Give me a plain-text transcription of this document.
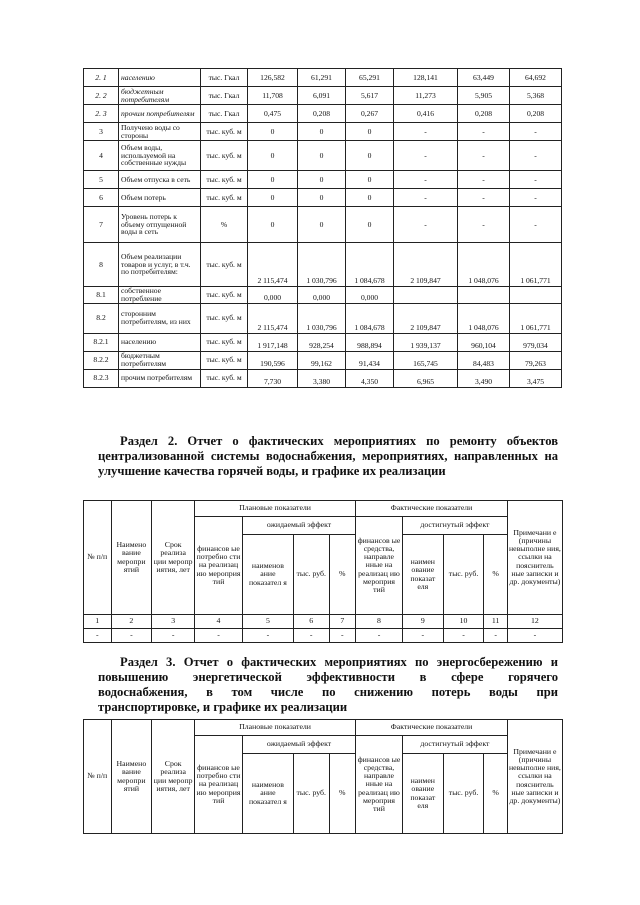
2. 1	населению	тыс. Гкал	126,582	61,291	65,291	128,141	63,449	64,692
2. 2	бюджетным потребителям	тыс. Гкал	11,708	6,091	5,617	11,273	5,905	5,368
2. 3	прочим потребителям	тыс. Гкал	0,475	0,208	0,267	0,416	0,208	0,208
3	Получено воды со стороны	тыс. куб. м	0	0	0	-	-	-
4	Объем воды, используемой на собственные нужды	тыс. куб. м	0	0	0	-	-	-
5	Объем отпуска в сеть	тыс. куб. м	0	0	0	-	-	-
6	Объем потерь	тыс. куб. м	0	0	0	-	-	-
7	Уровень потерь к объему отпущенной воды в сеть	%	0	0	0	-	-	-
8	Объем реализации товаров и услуг, в т.ч. по потребителям:	тыс. куб. м	2 115,474	1 030,796	1 084,678	2 109,847	1 048,076	1 061,771
8.1	собственное потребление	тыс. куб. м	0,000	0,000	0,000			
8.2	сторонним потребителям, из них	тыс. куб. м	2 115,474	1 030,796	1 084,678	2 109,847	1 048,076	1 061,771
8.2.1	населению	тыс. куб. м	1 917,148	928,254	988,894	1 939,137	960,104	979,034
8.2.2	бюджетным потребителям	тыс. куб. м	190,596	99,162	91,434	165,745	84,483	79,263
8.2.3	прочим потребителям	тыс. куб. м	7,730	3,380	4,350	6,965	3,490	3,475
Раздел 2. Отчет о фактических мероприятиях по ремонту объектов централизованной системы водоснабжения, мероприятиях, направленных на улучшение качества горячей воды, и графике их реализации
№ п/п	Наимено вание меропри ятий	Срок реализа ции меропр иятия, лет	Плановые показатели				Фактические показатели				Примечани е (причины невыполне ния, ссылки на пояснитель ные записки и др. документы)
			финансов ые потребно сти на реализац ию мероприя тий	ожидаемый эффект			финансов ые средства, направле нные на реализац ию мероприя тий	достигнутый эффект			
				наименов ание показател я	тыс. руб.	%		наимен ование показат еля	тыс. руб.	%	
1	2	3	4	5	6	7	8	9	10	11	12
-	-	-	-	-	-	-	-	-	-	-	-
Раздел 3. Отчет о фактических мероприятиях по энергосбережению и
повышению энергетической эффективности в сфере горячего
водоснабжения, в том числе по снижению потерь воды при
транспортировке, и графике их реализации
№ п/п	Наимено вание меропри ятий	Срок реализа ции меропр иятия, лет	Плановые показатели				Фактические показатели				Примечани е (причины невыполне ния, ссылки на пояснитель ные записки и др. документы)
			финансов ые потребно сти на реализац ию мероприя тий	ожидаемый эффект			финансов ые средства, направле нные на реализац ию мероприя тий	достигнутый эффект			
				наименов ание показател я	тыс. руб.	%		наимен ование показат еля	тыс. руб.	%	
